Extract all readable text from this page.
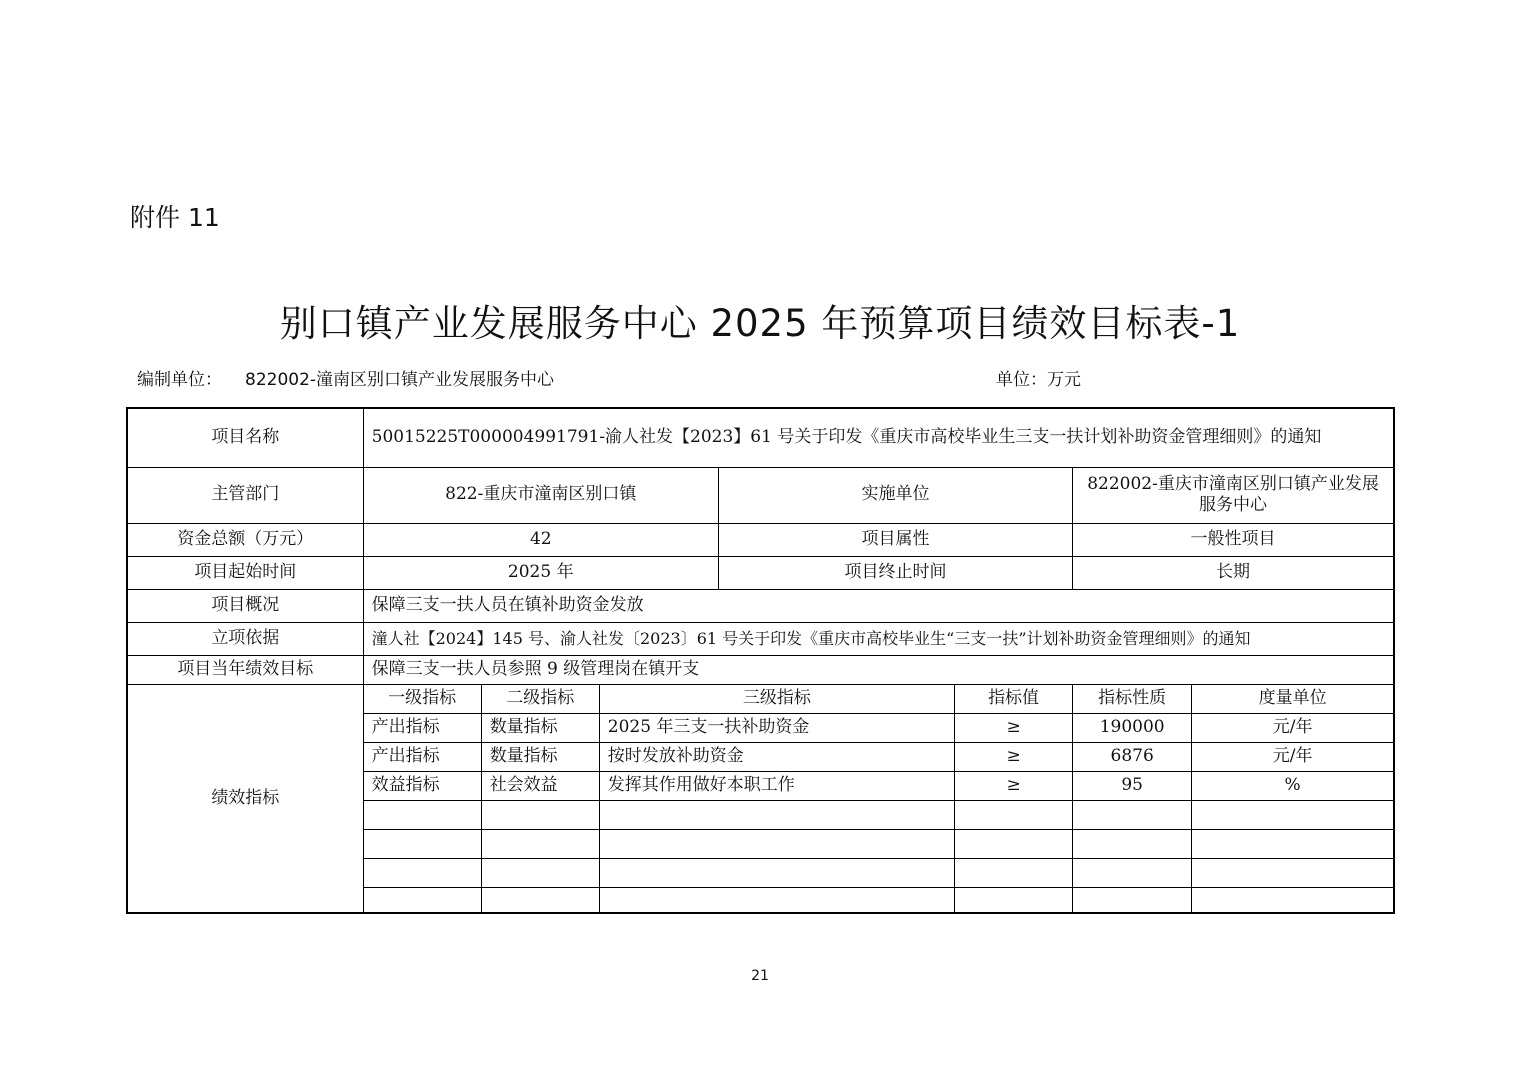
附件 11
别口镇产业发展服务中心 2025 年预算项目绩效目标表-1
编制单位： 822002-潼南区别口镇产业发展服务中心	单位：万元
项目名称	50015225T000004991791-渝人社发【2023】61 号关于印发《重庆市高校毕业生三支一扶计划补助资金管理细则》的通知						
主管部门	822-重庆市潼南区别口镇			实施单位		822002-重庆市潼南区别口镇产业发展服务中心	
资金总额（万元）	42			项目属性		一般性项目	
项目起始时间	2025 年			项目终止时间		长期	
项目概况	保障三支一扶人员在镇补助资金发放						
立项依据	潼人社【2024】145 号、渝人社发〔2023〕61 号关于印发《重庆市高校毕业生“三支一扶”计划补助资金管理细则》的通知						
项目当年绩效目标	保障三支一扶人员参照 9 级管理岗在镇开支						
绩效指标	一级指标	二级指标	三级指标		指标值	指标性质	度量单位
	产出指标	数量指标	2025 年三支一扶补助资金		≥	190000	元/年
	产出指标	数量指标	按时发放补助资金		≥	6876	元/年
	效益指标	社会效益	发挥其作用做好本职工作		≥	95	%

21
